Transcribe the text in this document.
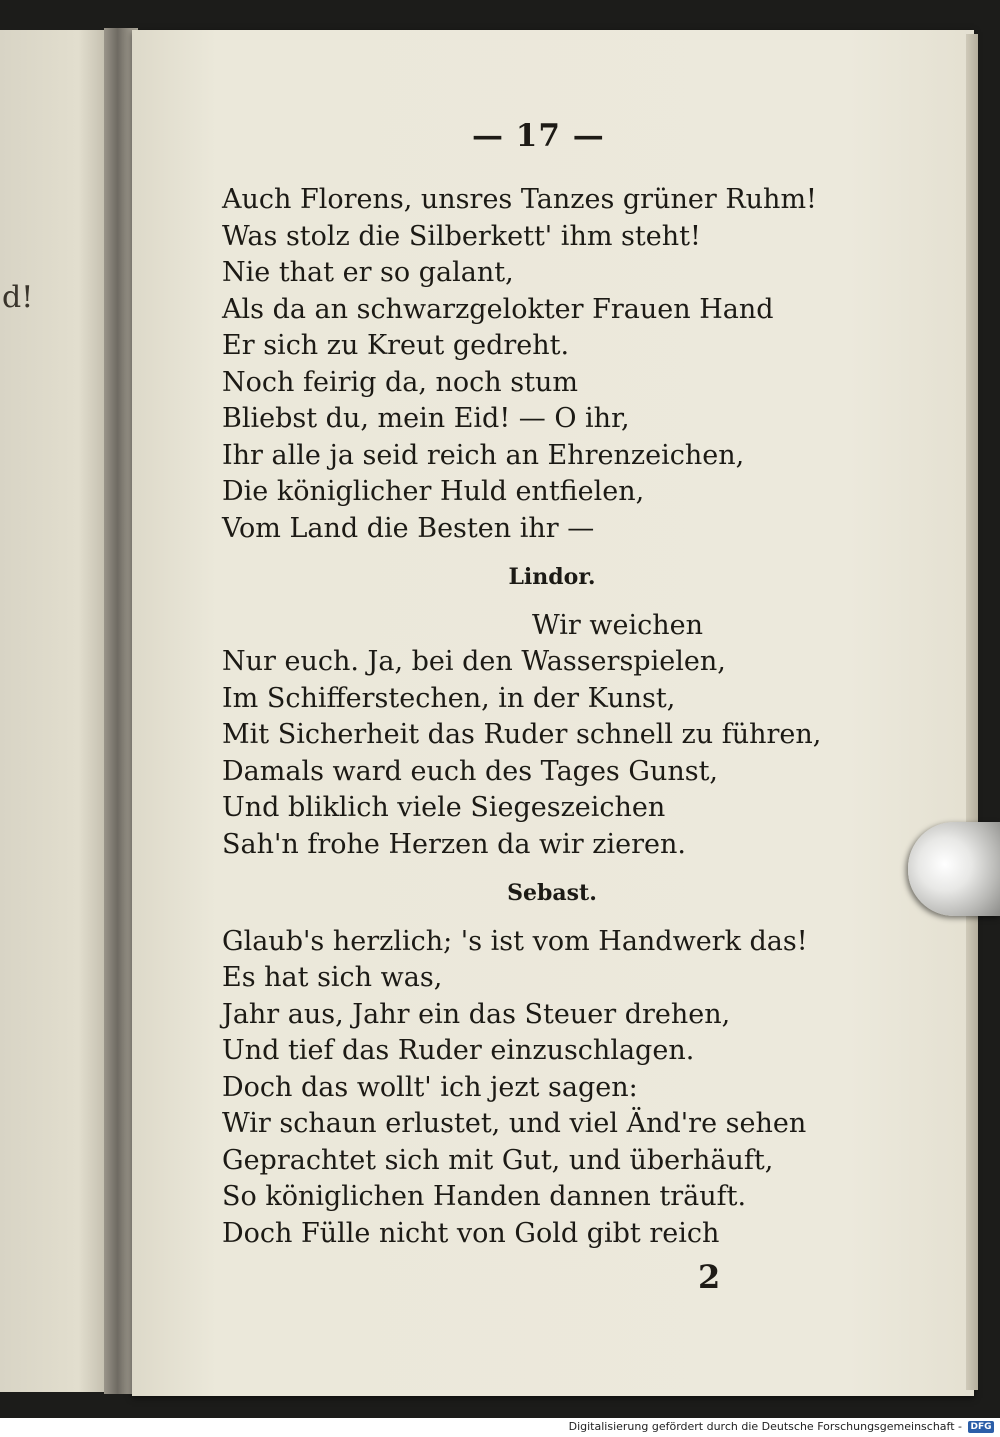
d!
— 17 —
Auch Florens, unsres Tanzes grüner Ruhm!
Was stolz die Silberkett' ihm steht!
Nie that er so galant,
Als da an schwarzgelokter Frauen Hand
Er sich zu Kreut gedreht.
Noch feirig da, noch stum
Bliebst du, mein Eid! — O ihr,
Ihr alle ja seid reich an Ehrenzeichen,
Die königlicher Huld entfielen,
Vom Land die Besten ihr —
Lindor.
Wir weichen
Nur euch. Ja, bei den Wasserspielen,
Im Schifferstechen, in der Kunst,
Mit Sicherheit das Ruder schnell zu führen,
Damals ward euch des Tages Gunst,
Und bliklich viele Siegeszeichen
Sah'n frohe Herzen da wir zieren.
Sebast.
Glaub's herzlich; 's ist vom Handwerk das!
Es hat sich was,
Jahr aus, Jahr ein das Steuer drehen,
Und tief das Ruder einzuschlagen.
Doch das wollt' ich jezt sagen:
Wir schaun erlustet, und viel Änd're sehen
Geprachtet sich mit Gut, und überhäuft,
So königlichen Handen dannen träuft.
Doch Fülle nicht von Gold gibt reich
2
Digitalisierung gefördert durch die Deutsche Forschungsgemeinschaft - DFG
